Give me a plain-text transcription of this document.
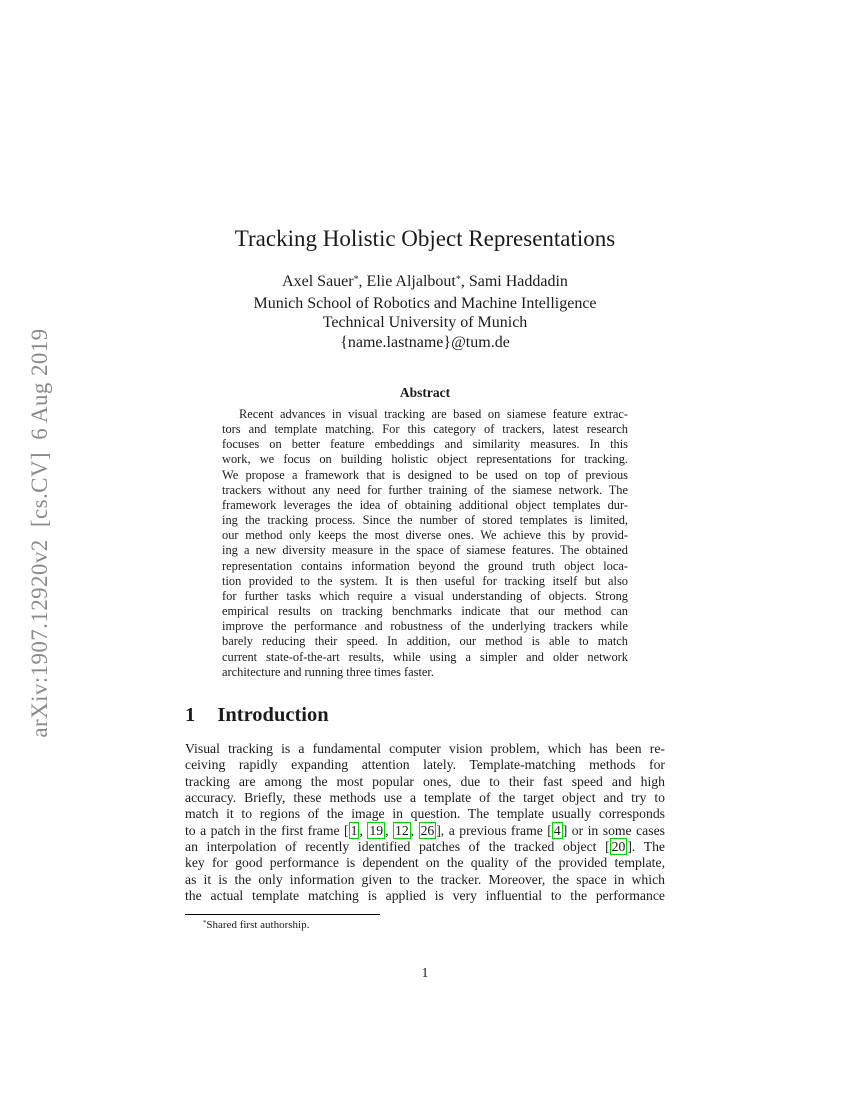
arXiv:1907.12920v2  [cs.CV]  6 Aug 2019
Tracking Holistic Object Representations
Axel Sauer*, Elie Aljalbout*, Sami Haddadin
Munich School of Robotics and Machine Intelligence
Technical University of Munich
{name.lastname}@tum.de
Abstract
Recent advances in visual tracking are based on siamese feature extrac-
tors and template matching. For this category of trackers, latest research
focuses on better feature embeddings and similarity measures. In this
work, we focus on building holistic object representations for tracking.
We propose a framework that is designed to be used on top of previous
trackers without any need for further training of the siamese network. The
framework leverages the idea of obtaining additional object templates dur-
ing the tracking process. Since the number of stored templates is limited,
our method only keeps the most diverse ones. We achieve this by provid-
ing a new diversity measure in the space of siamese features. The obtained
representation contains information beyond the ground truth object loca-
tion provided to the system. It is then useful for tracking itself but also
for further tasks which require a visual understanding of objects. Strong
empirical results on tracking benchmarks indicate that our method can
improve the performance and robustness of the underlying trackers while
barely reducing their speed. In addition, our method is able to match
current state-of-the-art results, while using a simpler and older network
architecture and running three times faster.
1 Introduction
Visual tracking is a fundamental computer vision problem, which has been re-
ceiving rapidly expanding attention lately. Template-matching methods for
tracking are among the most popular ones, due to their fast speed and high
accuracy. Briefly, these methods use a template of the target object and try to
match it to regions of the image in question. The template usually corresponds
to a patch in the first frame [ 1 , 19 , 12 , 26 ], a previous frame [ 4 ] or in some cases
an interpolation of recently identified patches of the tracked object [ 20 ]. The
key for good performance is dependent on the quality of the provided template,
as it is the only information given to the tracker. Moreover, the space in which
the actual template matching is applied is very influential to the performance
*Shared first authorship.
1
